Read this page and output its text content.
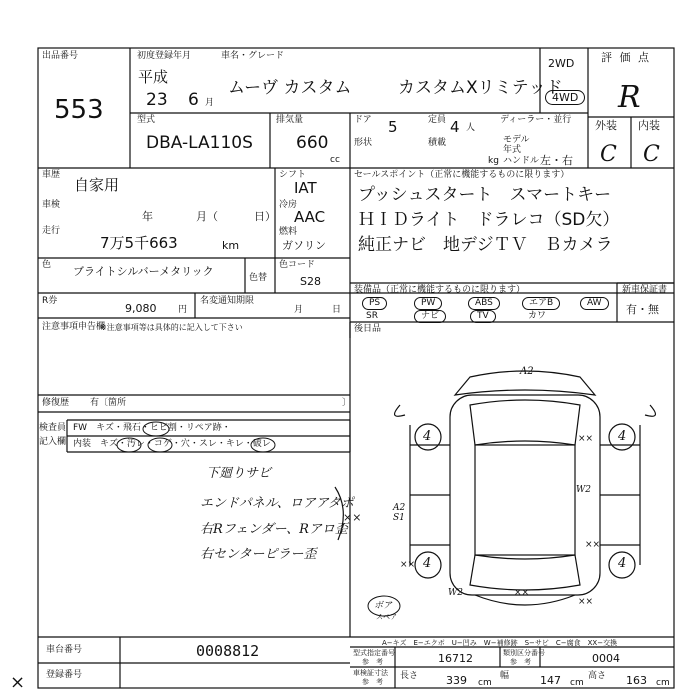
出品番号
553
初度登録年月	車名・グレード
平成
23 6 月
ムーヴ カスタム	カスタムXリミテッド
2WD
4WD
評 価 点
R
外装 内装
C C
型式
DBA-LA110S
排気量
660
cc
ドア 5
形状
定員 4 人
積載
kg
ディーラー・並行
モデル年式
ハンドル 左・右
車歴
自家用
車検
年	月（	日）
走行
7万5千663	km
シフト
IAT
冷房
AAC
燃料
ガソリン
セールスポイント（正常に機能するものに限ります）
プッシュスタート　スマートキー
ＨＩＤライト　ドラレコ（SD欠）
純正ナビ　地デジＴＶ　Ｂカメラ
色 ブライトシルバーメタリック	色替
色コード
S28
装備品（正常に機能するものに限ります）
PS	PW	ABS	エアB	AW
SR	ナビ	TV	カワ
新車保証書
有・無
R券
9,080 円
名変通知期限
月	日
注意事項申告欄
※注意事項等は具体的に記入して下さい	後日品
修復歴 有〔箇所	〕
検査員
記入欄
FW　キズ・飛石・ヒビ割・リペア跡・
内装　キズ・汚レ・コゲ・穴・スレ・キレ・破レ
下廻りサビ
エンドパネル、ロアアタポ
右Rフェンダー、Rアロ歪
右センターピラー歪
××
A2
4	4
4	4
××
××
××
××
××
W2
W2
A2 S1
ボア
スペア
A−キズ　E−エクボ　U−凹み　W−補修跡　S−サビ　C−腐食　XX−交換
車台番号	0008812
登録番号
型式指定番号
参　考	16712	類別区分番号
参　考	0004
車検証寸法
参　考
長さ	339 cm
幅	147 cm
高さ 163 cm
×
